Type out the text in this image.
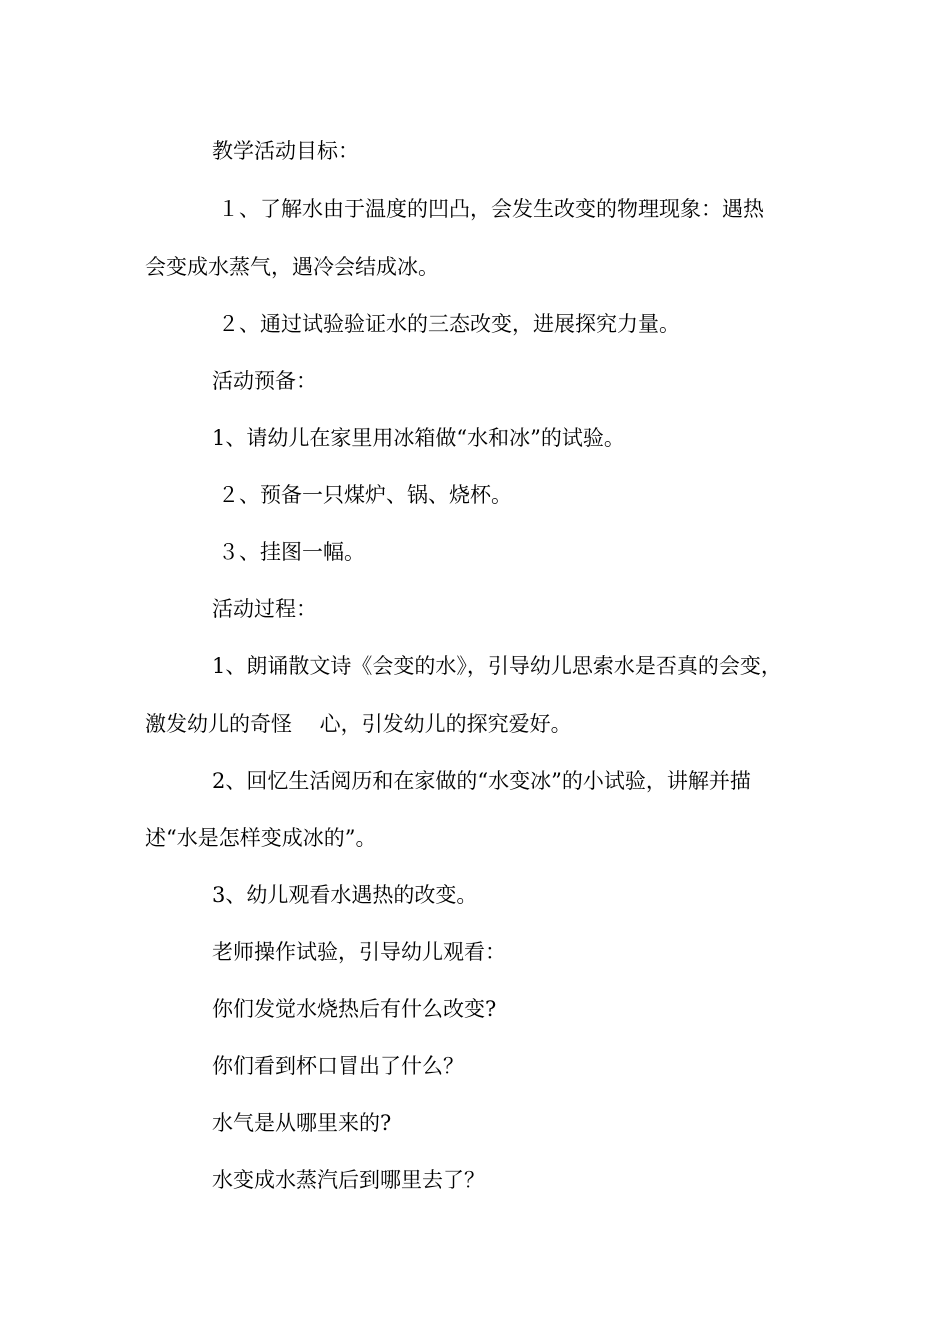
教学活动目标：
１、了解水由于温度的凹凸，会发生改变的物理现象：遇热
会变成水蒸气，遇冷会结成冰。
２、通过试验验证水的三态改变，进展探究力量。
活动预备：
1、请幼儿在家里用冰箱做“水和冰”的试验。
２、预备一只煤炉、锅、烧杯。
３、挂图一幅。
活动过程：
1、朗诵散文诗《会变的水》，引导幼儿思索水是否真的会变，
激发幼儿的奇怪　 心，引发幼儿的探究爱好。
2、回忆生活阅历和在家做的“水变冰”的小试验，讲解并描
述“水是怎样变成冰的”。
3、幼儿观看水遇热的改变。
老师操作试验，引导幼儿观看：
你们发觉水烧热后有什么改变?
你们看到杯口冒出了什么？
水气是从哪里来的?
水变成水蒸汽后到哪里去了？
